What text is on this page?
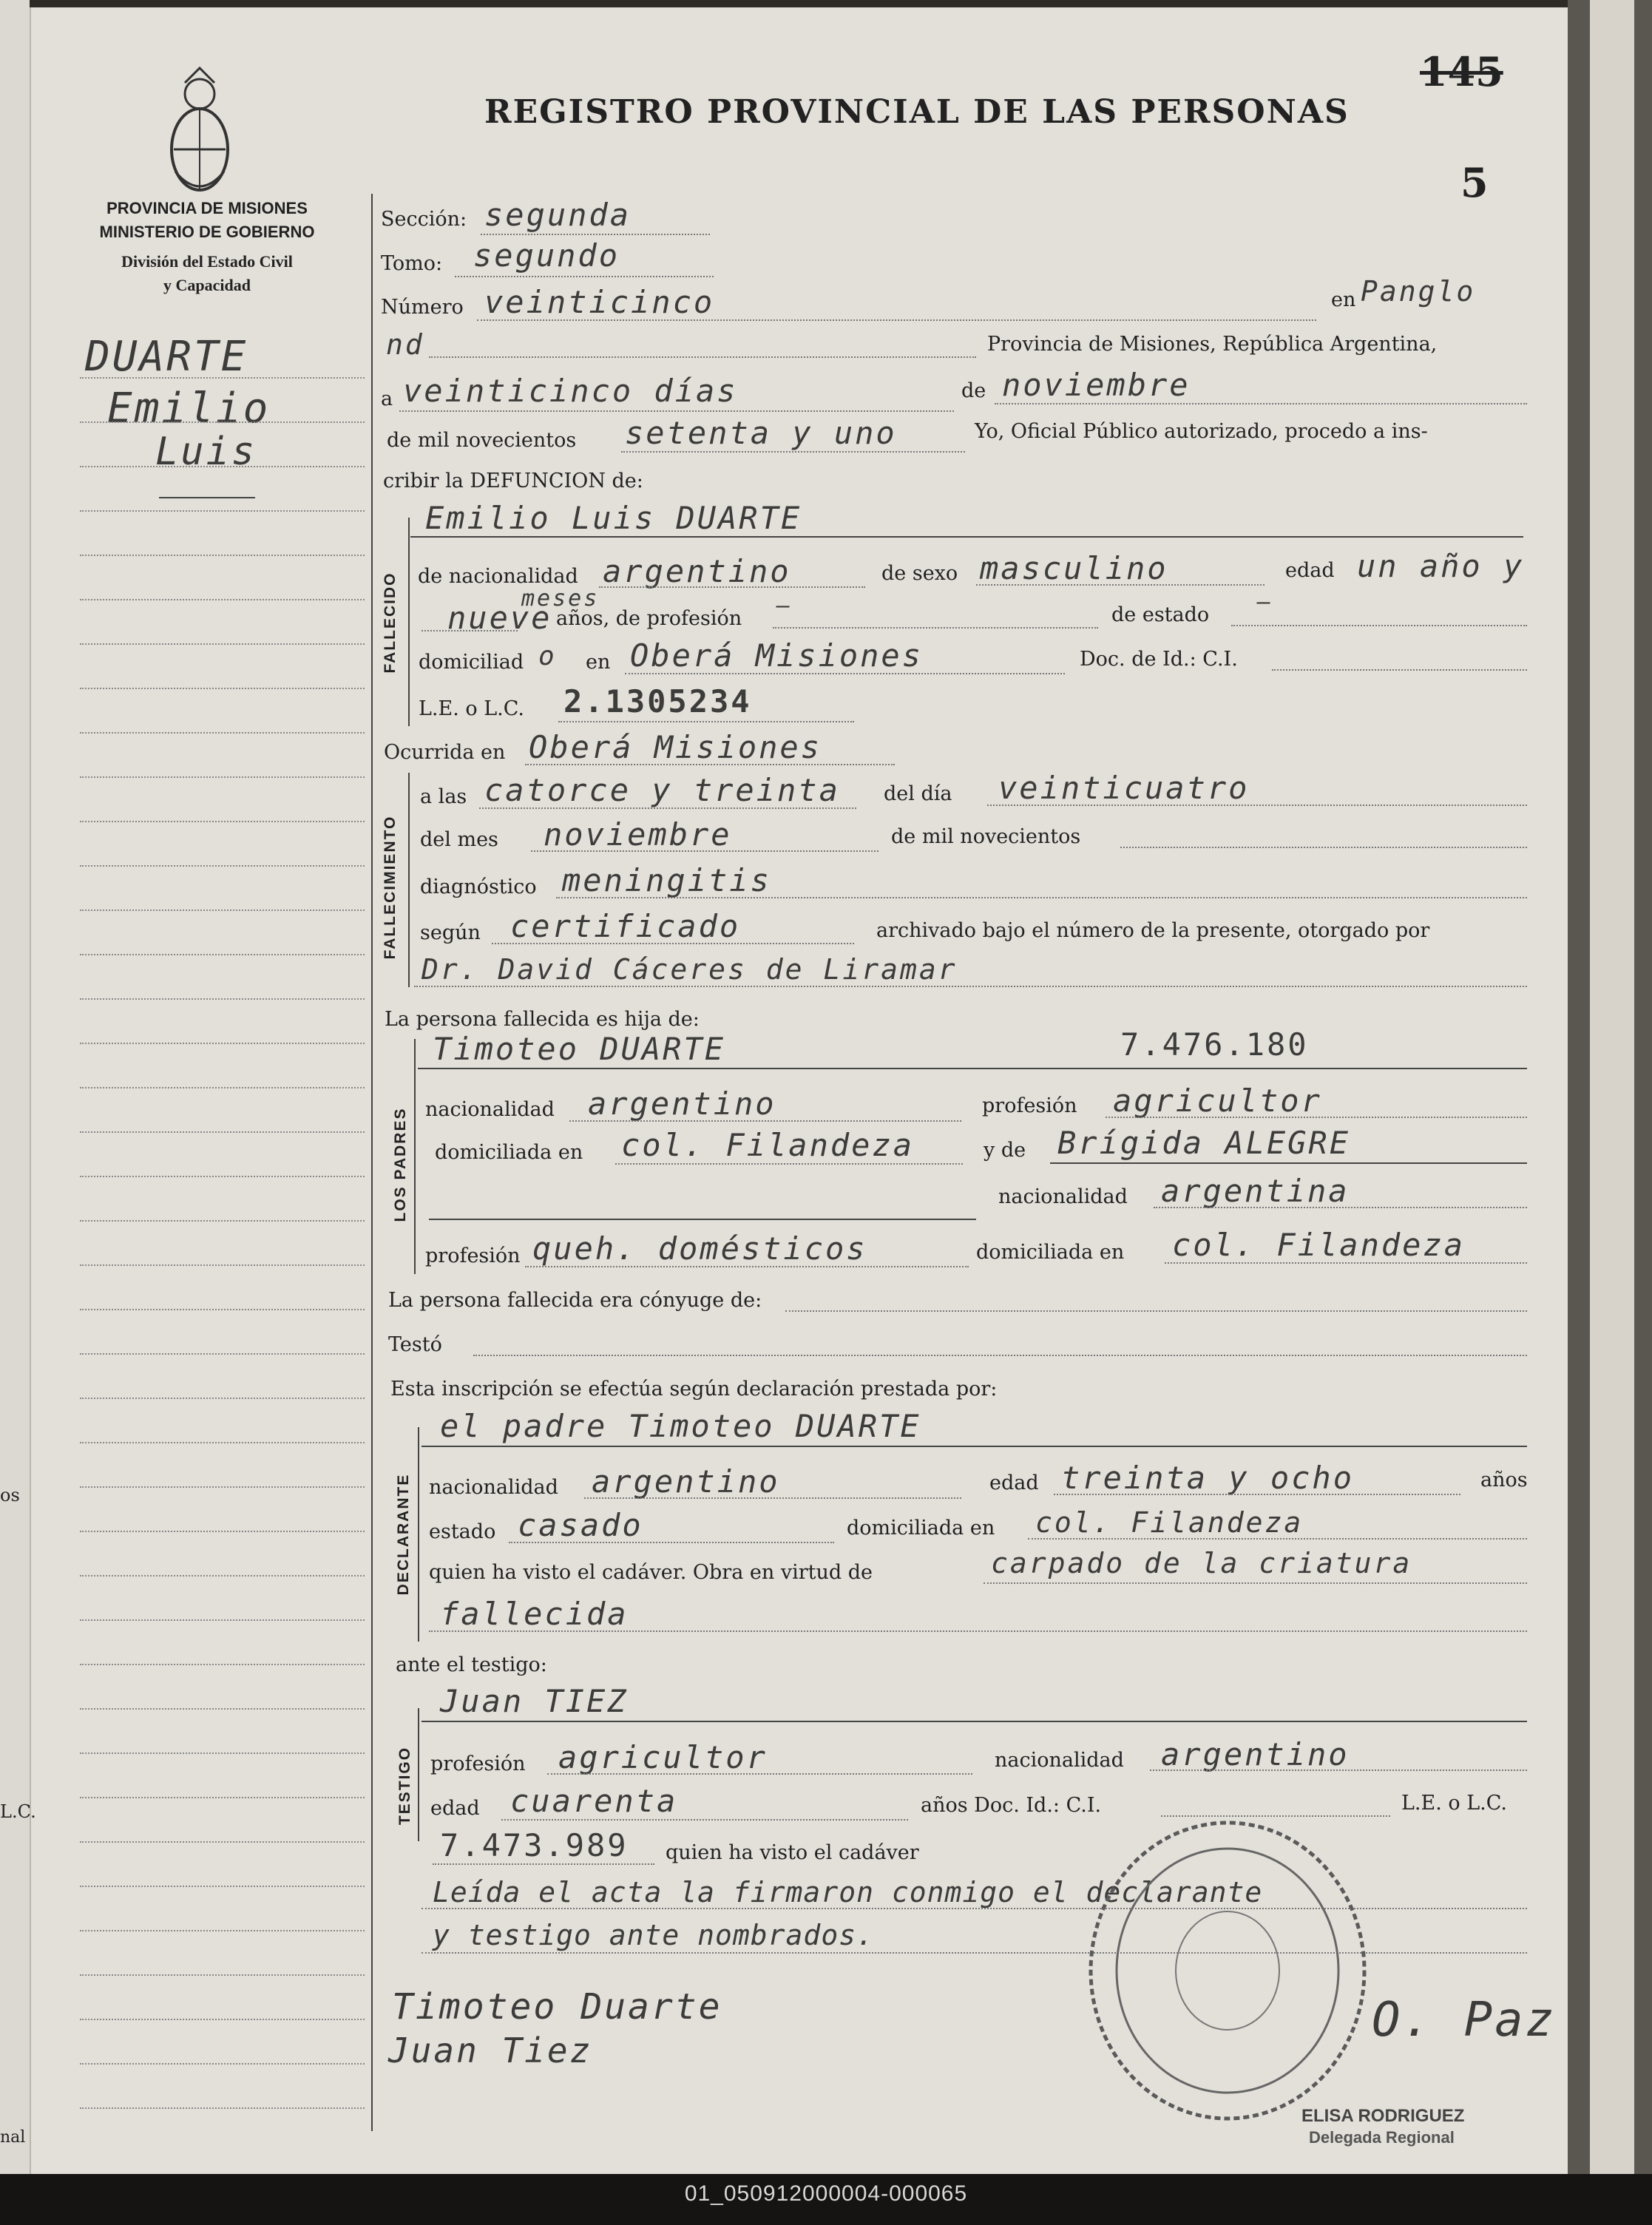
os
L.C.
nal
PROVINCIA DE MISIONES
MINISTERIO DE GOBIERNO
División del Estado Civil
y Capacidad
REGISTRO PROVINCIAL DE LAS PERSONAS
145
5
DUARTE
Emilio
Luis
Sección: segunda
Tomo: segundo
Número veinticinco	en Panglo
nd	Provincia de Misiones, República Argentina,
a veinticinco días	de noviembre
de mil novecientos setenta y uno	Yo, Oficial Público autorizado, procedo a ins-
cribir la DEFUNCION de:
FALLECIDO
Emilio Luis DUARTE
de nacionalidad argentino	de sexo masculino	edad un año y
nueve
meses
años, de profesión —	de estado —
domiciliad o en Oberá Misiones	Doc. de Id.: C.I.
L.E. o L.C. 2.1305234
Ocurrida en Oberá Misiones
FALLECIMIENTO
a las catorce y treinta del día veinticuatro
del mes noviembre	de mil novecientos
diagnóstico meningitis
según certificado	archivado bajo el número de la presente, otorgado por
Dr. David Cáceres de Liramar
La persona fallecida es hija de:
LOS PADRES
Timoteo DUARTE	7.476.180
nacionalidad argentino	profesión agricultor
domiciliada en col. Filandeza	y de Brígida ALEGRE
nacionalidad argentina
profesión queh. domésticos	domiciliada en col. Filandeza
La persona fallecida era cónyuge de:
Testó
Esta inscripción se efectúa según declaración prestada por:
DECLARANTE
el padre Timoteo DUARTE
nacionalidad argentino	edad treinta y ocho	años
estado casado	domiciliada en col. Filandeza
quien ha visto el cadáver. Obra en virtud de	carpado de la criatura
fallecida
ante el testigo:
TESTIGO
Juan TIEZ
profesión agricultor	nacionalidad argentino
edad cuarenta	años Doc. Id.: C.I.	L.E. o L.C.
7.473.989 quien ha visto el cadáver
Leída el acta la firmaron conmigo el declarante
y testigo ante nombrados.
Timoteo Duarte
Juan Tiez
O. Paz
ELISA RODRIGUEZ
Delegada Regional
01_050912000004-000065
